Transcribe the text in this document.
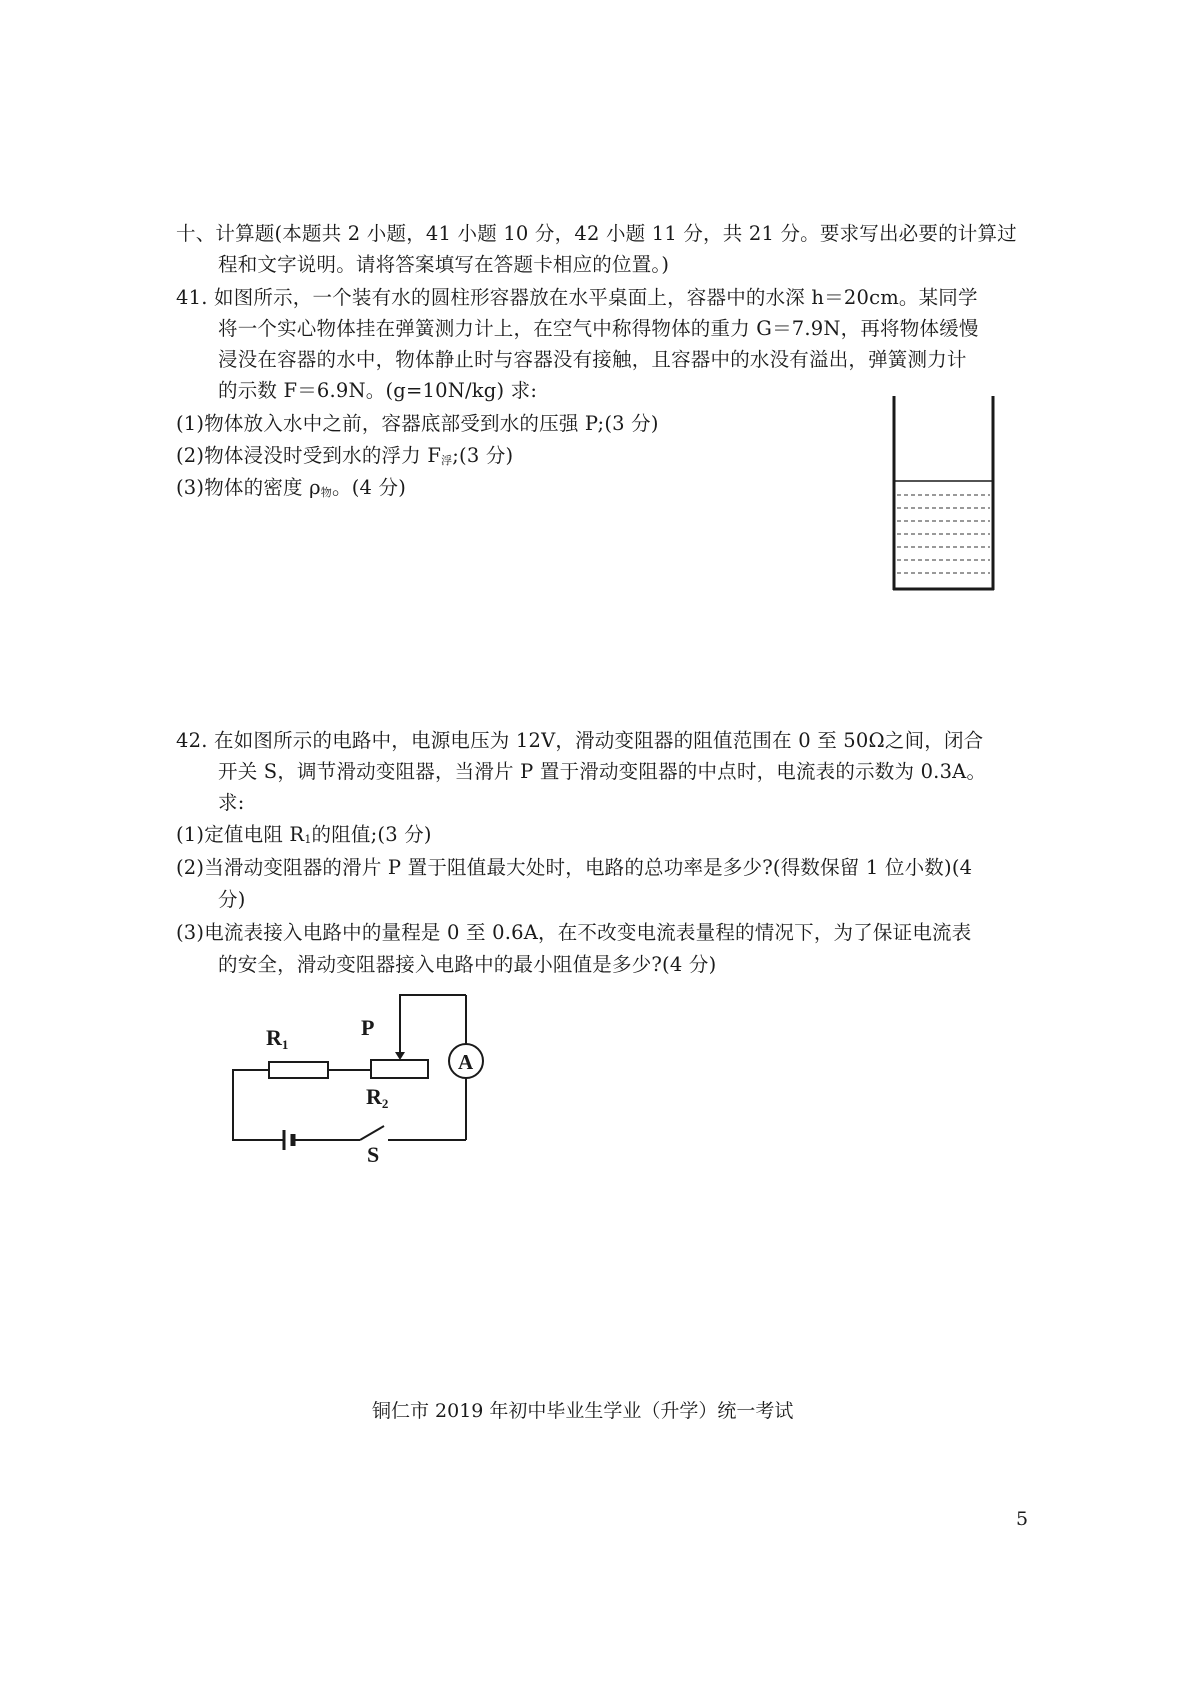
十、计算题(本题共 2 小题，41 小题 10 分，42 小题 11 分，共 21 分。要求写出必要的计算过
程和文字说明。请将答案填写在答题卡相应的位置。)
41. 如图所示，一个装有水的圆柱形容器放在水平桌面上，容器中的水深 h＝20cm。某同学
将一个实心物体挂在弹簧测力计上，在空气中称得物体的重力 G＝7.9N，再将物体缓慢
浸没在容器的水中，物体静止时与容器没有接触，且容器中的水没有溢出，弹簧测力计
的示数 F＝6.9N。(g=10N/kg) 求:
(1)物体放入水中之前，容器底部受到水的压强 P;(3 分)
(2)物体浸没时受到水的浮力 F浮;(3 分)
(3)物体的密度 ρ物。(4 分)
42. 在如图所示的电路中，电源电压为 12V，滑动变阻器的阻值范围在 0 至 50Ω之间，闭合
开关 S，调节滑动变阻器，当滑片 P 置于滑动变阻器的中点时，电流表的示数为 0.3A。
求:
(1)定值电阻 R1的阻值;(3 分)
(2)当滑动变阻器的滑片 P 置于阻值最大处时，电路的总功率是多少?(得数保留 1 位小数)(4
分)
(3)电流表接入电路中的量程是 0 至 0.6A，在不改变电流表量程的情况下，为了保证电流表
的安全，滑动变阻器接入电路中的最小阻值是多少?(4 分)
R1
P
R2
A
S
铜仁市 2019 年初中毕业生学业（升学）统一考试
5
